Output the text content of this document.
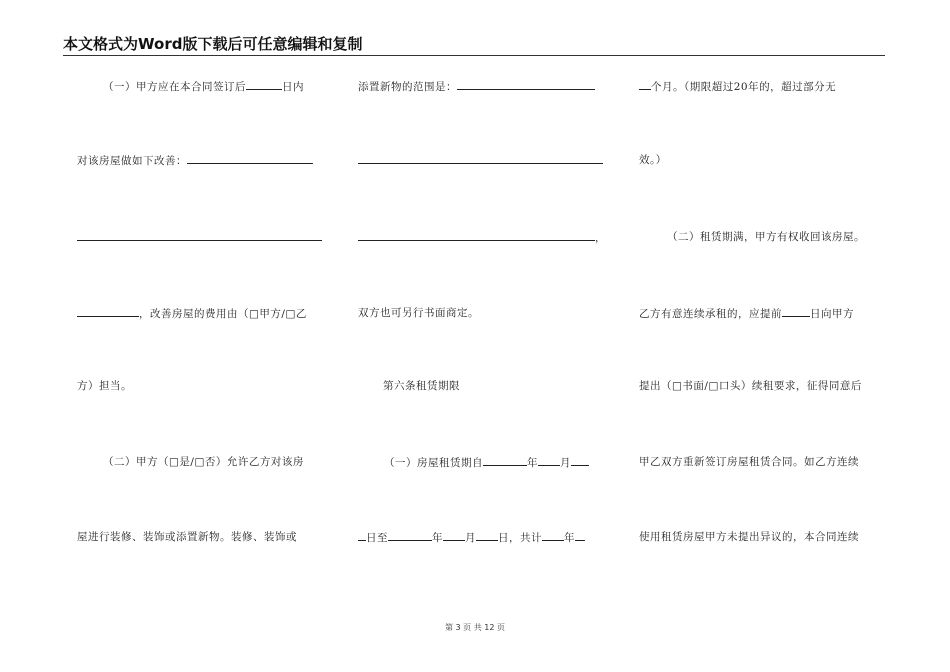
本文格式为Word版下载后可任意编辑和复制
（一）甲方应在本合同签订后	日内
对该房屋做如下改善：
，改善房屋的费用由（□甲方/□乙
方）担当。
（二）甲方（□是/□否）允许乙方对该房
屋进行装修、装饰或添置新物。装修、装饰或
添置新物的范围是：
，
双方也可另行书面商定。
第六条租赁期限
（一）房屋租赁期自	年 月
日至	年 月 日，共计 年
个月。（期限超过20年的，超过部分无
效。）
（二）租赁期满，甲方有权收回该房屋。
乙方有意连续承租的，应提前	日向甲方
提出（□书面/□口头）续租要求，征得同意后
甲乙双方重新签订房屋租赁合同。如乙方连续
使用租赁房屋甲方未提出异议的，本合同连续
第 3 页 共 12 页
